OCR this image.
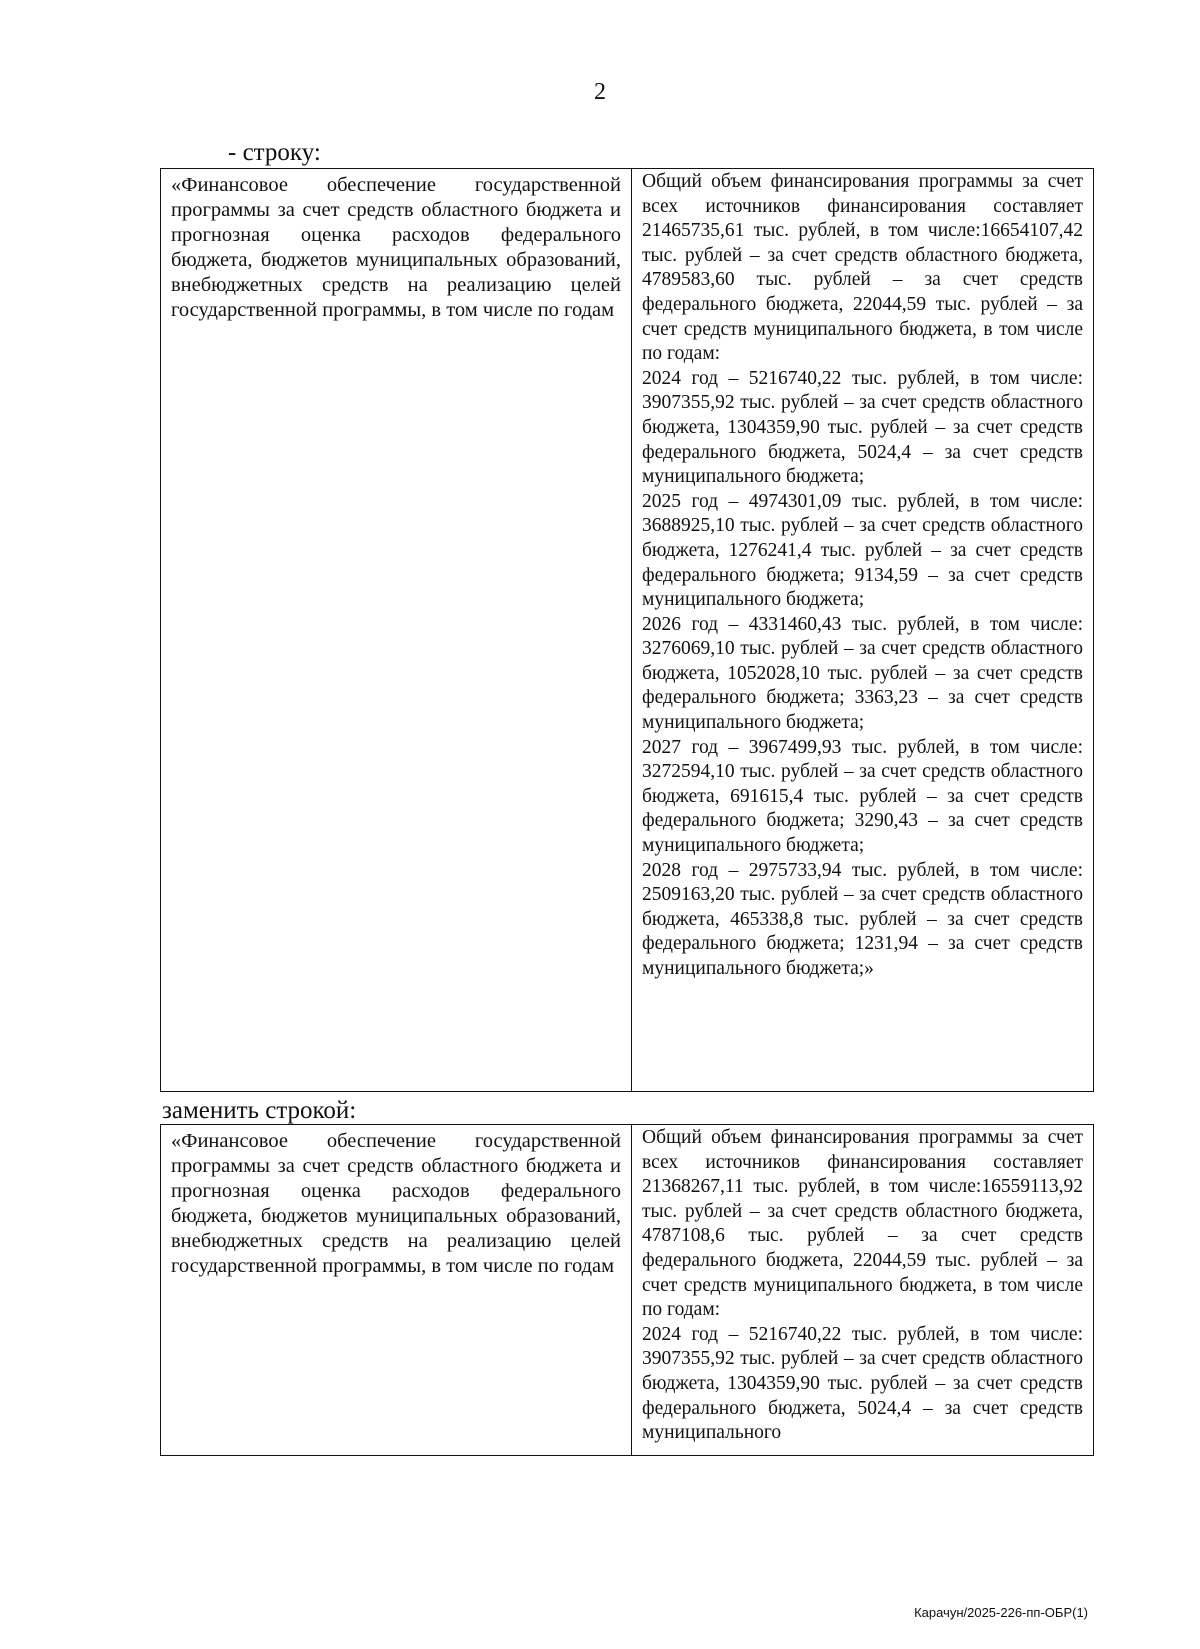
2
- строку:

«Финансовое обеспечение государственной программы за счет средств областного бюджета и прогнозная оценка расходов федерального бюджета, бюджетов муниципальных образований, внебюджетных средств на реализацию целей государственной программы, в том числе по годам

Общий объем финансирования программы за счет всех источников финансирования составляет 21465735,61 тыс. рублей, в том числе:16654107,42 тыс. рублей – за счет средств областного бюджета, 4789583,60 тыс. рублей – за счет средств федерального бюджета, 22044,59 тыс. рублей – за счет средств муниципального бюджета, в том числе по годам:

2024 год – 5216740,22 тыс. рублей, в том числе: 3907355,92 тыс. рублей – за счет средств областного бюджета, 1304359,90 тыс. рублей – за счет средств федерального бюджета, 5024,4 – за счет средств муниципального бюджета;

2025 год – 4974301,09 тыс. рублей, в том числе: 3688925,10 тыс. рублей – за счет средств областного бюджета, 1276241,4 тыс. рублей – за счет средств федерального бюджета; 9134,59 – за счет средств муниципального бюджета;

2026 год – 4331460,43 тыс. рублей, в том числе: 3276069,10 тыс. рублей – за счет средств областного бюджета, 1052028,10 тыс. рублей – за счет средств федерального бюджета; 3363,23 – за счет средств муниципального бюджета;

2027 год – 3967499,93 тыс. рублей, в том числе: 3272594,10 тыс. рублей – за счет средств областного бюджета, 691615,4 тыс. рублей – за счет средств федерального бюджета; 3290,43 – за счет средств муниципального бюджета;

2028 год – 2975733,94 тыс. рублей, в том числе: 2509163,20 тыс. рублей – за счет средств областного бюджета, 465338,8 тыс. рублей – за счет средств федерального бюджета; 1231,94 – за счет средств муниципального бюджета;»

заменить строкой:

«Финансовое обеспечение государственной программы за счет средств областного бюджета и прогнозная оценка расходов федерального бюджета, бюджетов муниципальных образований, внебюджетных средств на реализацию целей государственной программы, в том числе по годам

Общий объем финансирования программы за счет всех источников финансирования составляет 21368267,11 тыс. рублей, в том числе:16559113,92 тыс. рублей – за счет средств областного бюджета, 4787108,6 тыс. рублей – за счет средств федерального бюджета, 22044,59 тыс. рублей – за счет средств муниципального бюджета, в том числе по годам:

2024 год – 5216740,22 тыс. рублей, в том числе: 3907355,92 тыс. рублей – за счет средств областного бюджета, 1304359,90 тыс. рублей – за счет средств федерального бюджета, 5024,4 – за счет средств муниципального

Карачун/2025-226-пп-ОБР(1)
